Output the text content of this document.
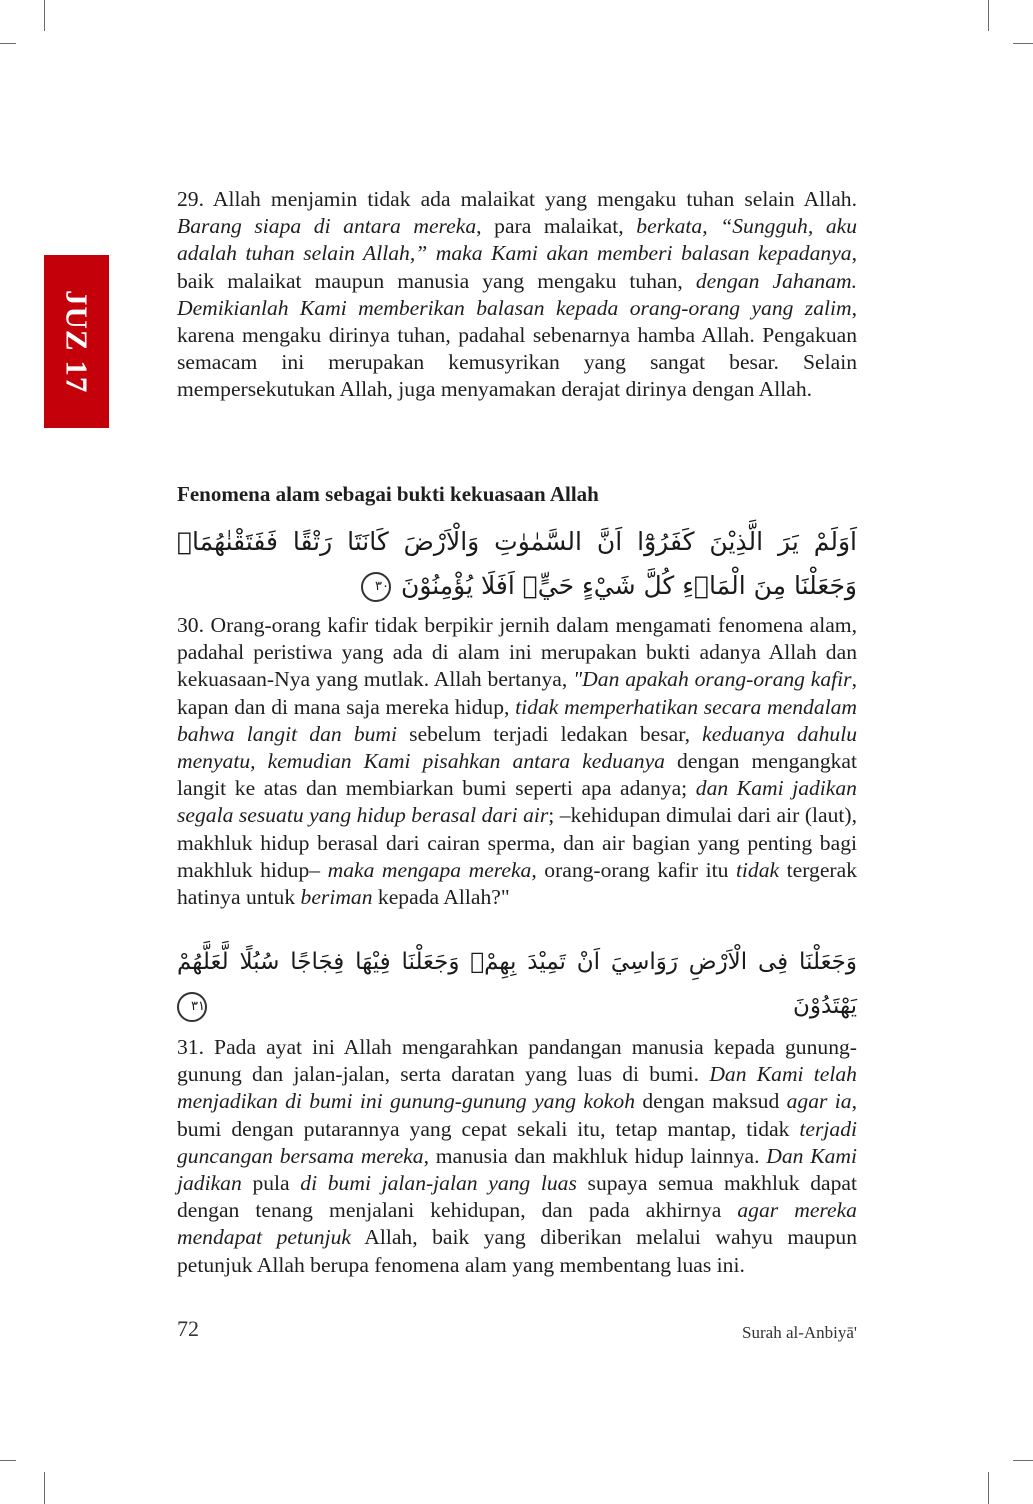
JUZ 17

29. Allah menjamin tidak ada malaikat yang mengaku tuhan selain Allah. Barang siapa di antara mereka, para malaikat, berkata, “Sungguh, aku adalah tuhan selain Allah,” maka Kami akan memberi balasan kepadanya, baik malaikat maupun manusia yang mengaku tuhan, dengan Jahanam. Demikianlah Kami memberikan balasan kepada orang-orang yang zalim, karena mengaku dirinya tuhan, padahal sebenarnya hamba Allah. Pengakuan semacam ini merupakan kemusyrikan yang sangat besar. Selain mempersekutukan Allah, juga menyamakan derajat dirinya dengan Allah.

Fenomena alam sebagai bukti kekuasaan Allah

اَوَلَمْ يَرَ الَّذِيْنَ كَفَرُوْٓا اَنَّ السَّمٰوٰتِ وَالْاَرْضَ كَانَتَا رَتْقًا فَفَتَقْنٰهُمَاۗ وَجَعَلْنَا مِنَ الْمَاۤءِ كُلَّ شَيْءٍ حَيٍّۗ اَفَلَا يُؤْمِنُوْنَ ٣٠

30. Orang-orang kafir tidak berpikir jernih dalam mengamati fenomena alam, padahal peristiwa yang ada di alam ini merupakan bukti adanya Allah dan kekuasaan-Nya yang mutlak. Allah bertanya, "Dan apakah orang-orang kafir, kapan dan di mana saja mereka hidup, tidak memperhatikan secara mendalam bahwa langit dan bumi sebelum terjadi ledakan besar, keduanya dahulu menyatu, kemudian Kami pisahkan antara keduanya dengan mengangkat langit ke atas dan membiarkan bumi seperti apa adanya; dan Kami jadikan segala sesuatu yang hidup berasal dari air; –kehidupan dimulai dari air (laut), makhluk hidup berasal dari cairan sperma, dan air bagian yang penting bagi makhluk hidup– maka mengapa mereka, orang-orang kafir itu tidak tergerak hatinya untuk beriman kepada Allah?"

وَجَعَلْنَا فِى الْاَرْضِ رَوَاسِيَ اَنْ تَمِيْدَ بِهِمْۖ وَجَعَلْنَا فِيْهَا فِجَاجًا سُبُلًا لَّعَلَّهُمْ يَهْتَدُوْنَ ٣١

31. Pada ayat ini Allah mengarahkan pandangan manusia kepada gunung-gunung dan jalan-jalan, serta daratan yang luas di bumi. Dan Kami telah menjadikan di bumi ini gunung-gunung yang kokoh dengan maksud agar ia, bumi dengan putarannya yang cepat sekali itu, tetap mantap, tidak terjadi guncangan bersama mereka, manusia dan makhluk hidup lainnya. Dan Kami jadikan pula di bumi jalan-jalan yang luas supaya semua makhluk dapat dengan tenang menjalani kehidupan, dan pada akhirnya agar mereka mendapat petunjuk Allah, baik yang diberikan melalui wahyu maupun petunjuk Allah berupa fenomena alam yang membentang luas ini.

72	Surah al-Anbiyā'
